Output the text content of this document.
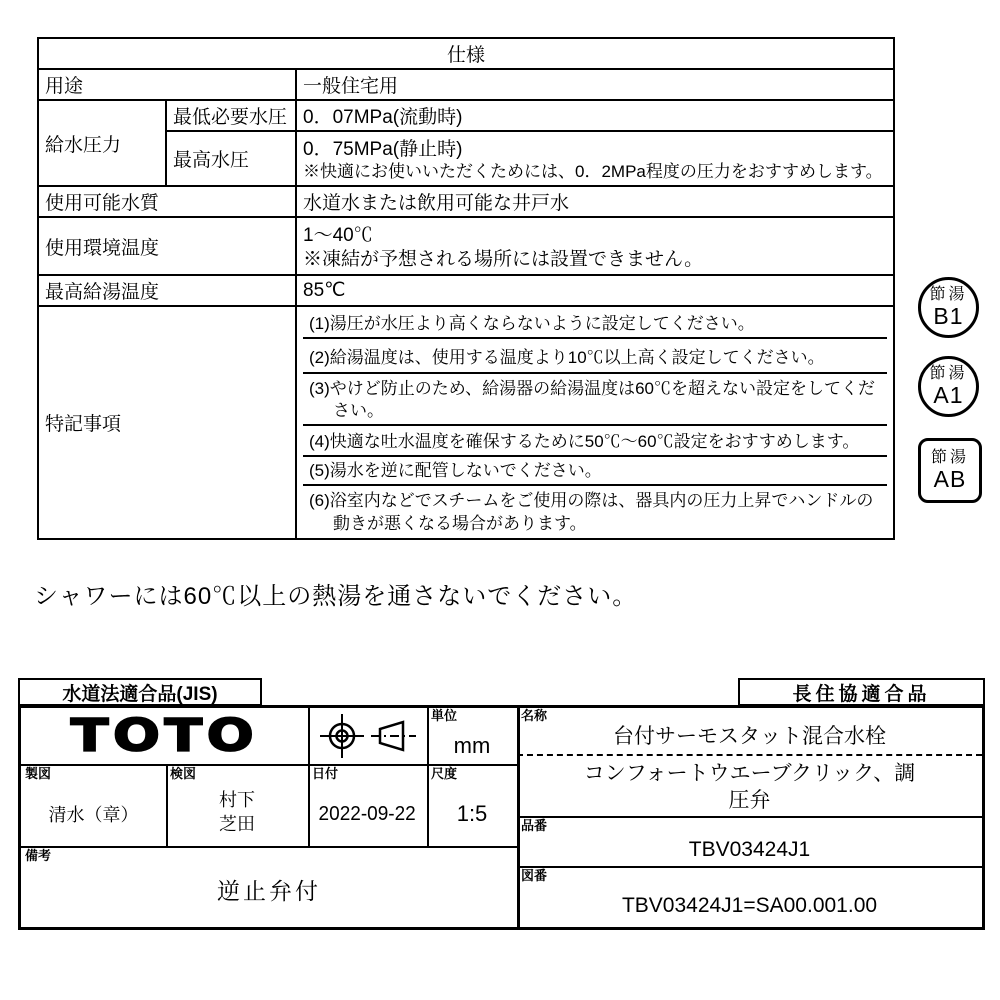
仕様		
用途		一般住宅用
給水圧力	最低必要水圧	0．07MPa(流動時)
	最高水圧	0．75MPa(静止時)
※快適にお使いいただくためには、0．2MPa程度の圧力をおすすめします。

使用可能水質		水道水または飲用可能な井戸水
使用環境温度		1～40℃
※凍結が予想される場所には設置できません。

最高給湯温度		85℃
特記事項	
(1)湯圧が水圧より高くならないように設定してください。
(2)給湯温度は、使用する温度より10℃以上高く設定してください。
(3)やけど防止のため、給湯器の給湯温度は60℃を超えない設定をしてください。
(4)快適な吐水温度を確保するために50℃～60℃設定をおすすめします。
(5)湯水を逆に配管しないでください。
(6)浴室内などでスチームをご使用の際は、器具内の圧力上昇でハンドルの動きが悪くなる場合があります。
節湯
B1
節湯
A1
節湯
AB
シャワーには60℃以上の熱湯を通さないでください。
水道法適合品(JIS)	長住協適合品
TOTO	単位
mm
製図
清水（章）
検図
村下
芝田
日付
2022-09-22
尺度
1:5
備考
逆止弁付
名称
台付サーモスタット混合水栓
コンフォートウエーブクリック、調圧弁
品番
TBV03424J1
図番
TBV03424J1=SA00.001.00
